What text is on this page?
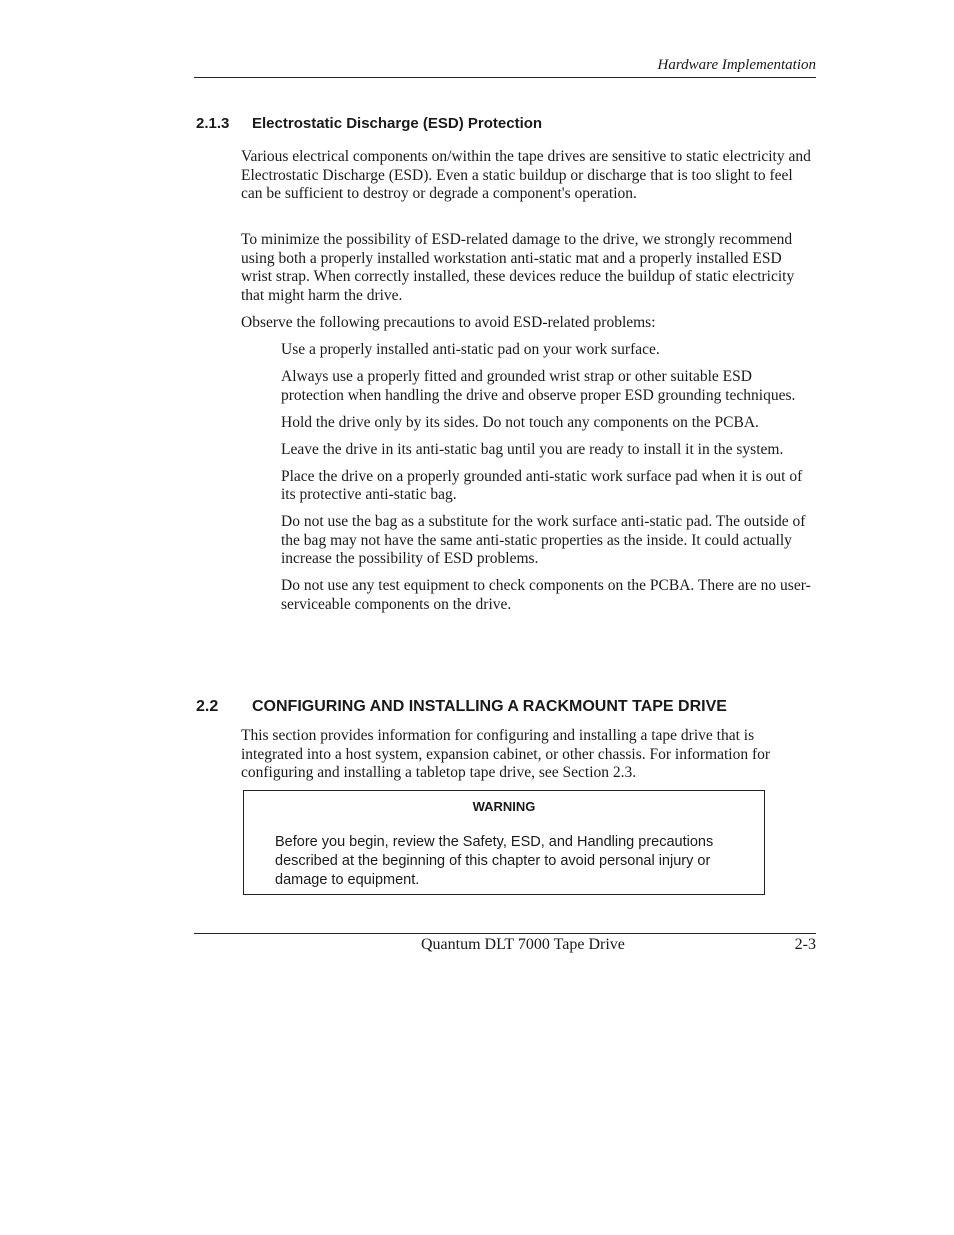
Hardware Implementation
2.1.3 Electrostatic Discharge (ESD) Protection
Various electrical components on/within the tape drives are sensitive to static electricity and Electrostatic Discharge (ESD). Even a static buildup or discharge that is too slight to feel can be sufficient to destroy or degrade a component's operation.
To minimize the possibility of ESD-related damage to the drive, we strongly recommend using both a properly installed workstation anti-static mat and a properly installed ESD wrist strap. When correctly installed, these devices reduce the buildup of static electricity that might harm the drive.
Observe the following precautions to avoid ESD-related problems:
Use a properly installed anti-static pad on your work surface.
Always use a properly fitted and grounded wrist strap or other suitable ESD protection when handling the drive and observe proper ESD grounding techniques.
Hold the drive only by its sides. Do not touch any components on the PCBA.
Leave the drive in its anti-static bag until you are ready to install it in the system.
Place the drive on a properly grounded anti-static work surface pad when it is out of its protective anti-static bag.
Do not use the bag as a substitute for the work surface anti-static pad. The outside of the bag may not have the same anti-static properties as the inside. It could actually increase the possibility of ESD problems.
Do not use any test equipment to check components on the PCBA. There are no user-serviceable components on the drive.
2.2 CONFIGURING AND INSTALLING A RACKMOUNT TAPE DRIVE
This section provides information for configuring and installing a tape drive that is integrated into a host system, expansion cabinet, or other chassis. For information for configuring and installing a tabletop tape drive, see Section 2.3.
WARNING
Before you begin, review the Safety, ESD, and Handling precautions described at the beginning of this chapter to avoid personal injury or damage to equipment.
Quantum DLT 7000 Tape Drive	2-3
